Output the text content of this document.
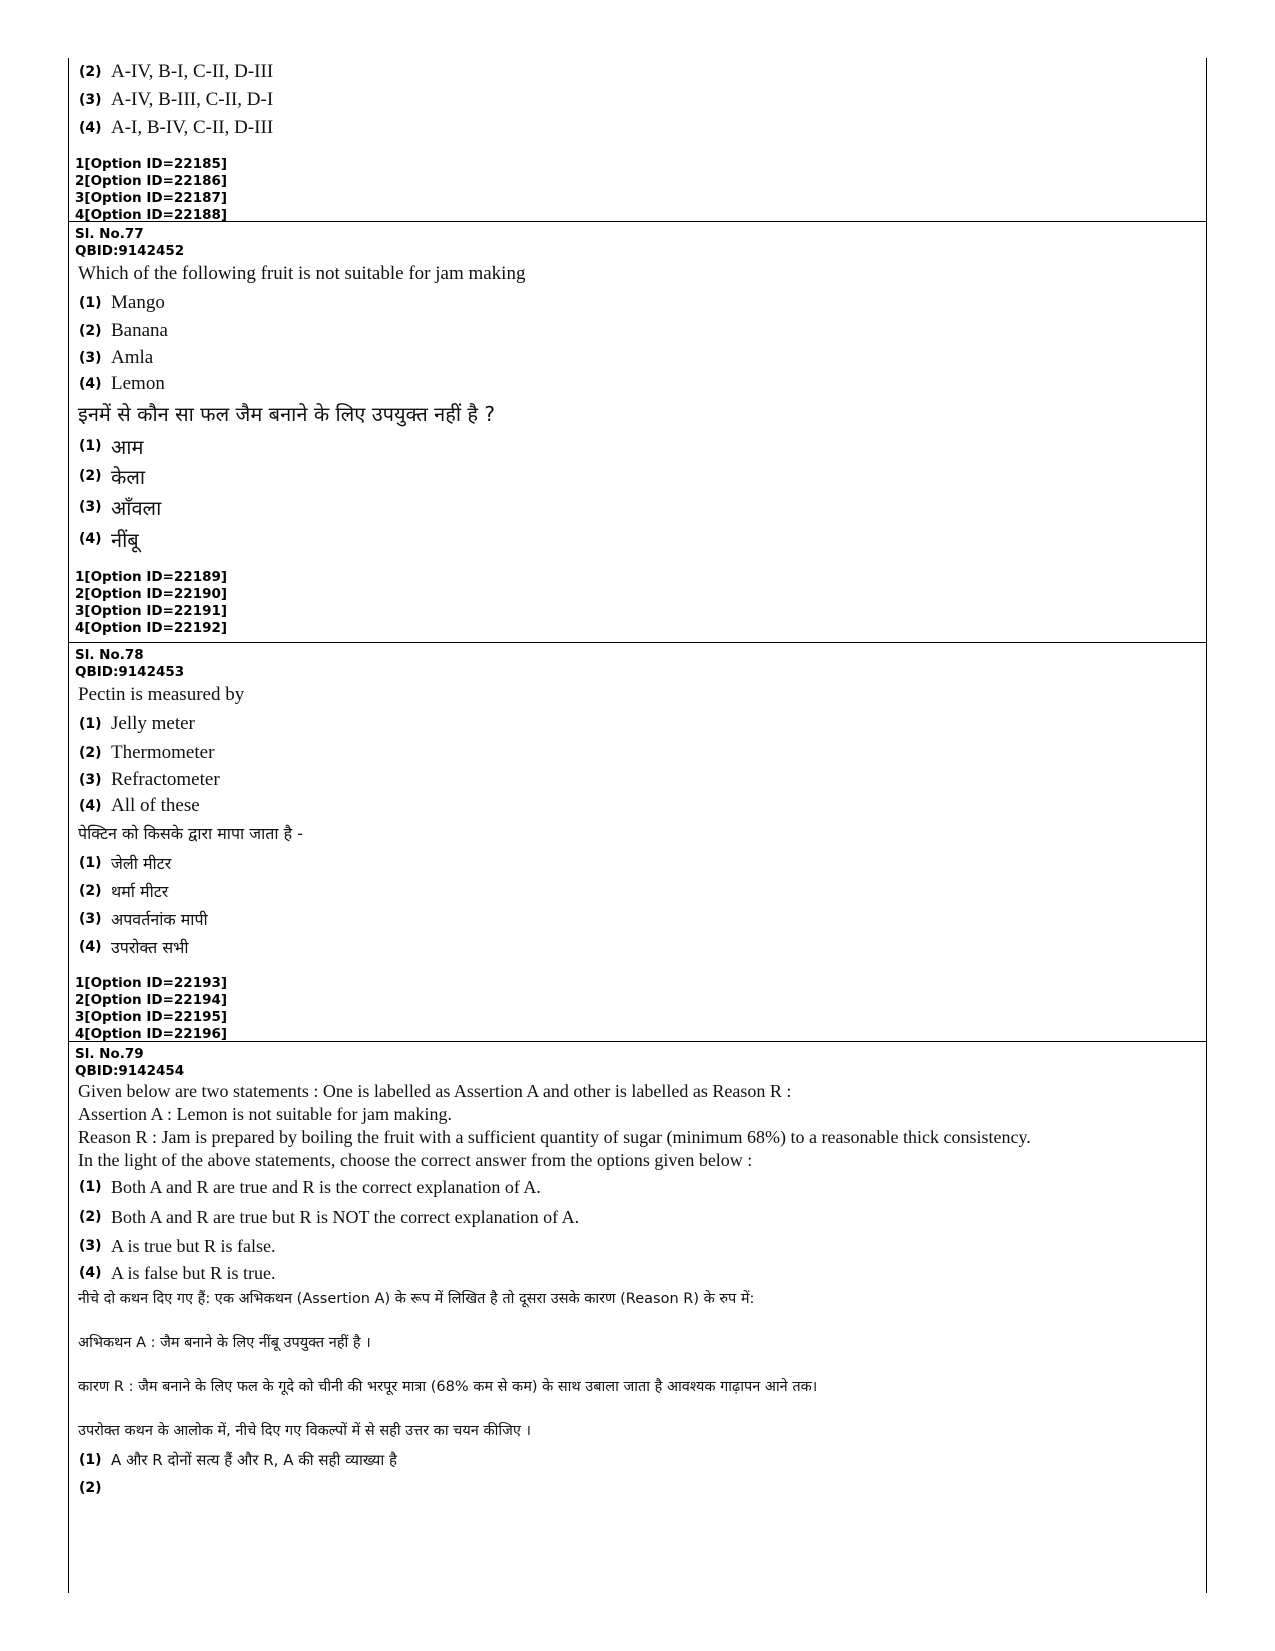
(2) A-IV, B-I, C-II, D-III
(3) A-IV, B-III, C-II, D-I
(4) A-I, B-IV, C-II, D-III
1[Option ID=22185]
2[Option ID=22186]
3[Option ID=22187]
4[Option ID=22188]
Sl. No.77
QBID:9142452
Which of the following fruit is not suitable for jam making
(1) Mango
(2) Banana
(3) Amla
(4) Lemon
इनमें से कौन सा फल जैम बनाने के लिए उपयुक्त नहीं है ?
(1) आम
(2) केला
(3) आँवला
(4) नींबू
1[Option ID=22189]
2[Option ID=22190]
3[Option ID=22191]
4[Option ID=22192]
Sl. No.78
QBID:9142453
Pectin is measured by
(1) Jelly meter
(2) Thermometer
(3) Refractometer
(4) All of these
पेक्टिन को किसके द्वारा मापा जाता है -
(1) जेली मीटर
(2) थर्मा मीटर
(3) अपवर्तनांक मापी
(4) उपरोक्त सभी
1[Option ID=22193]
2[Option ID=22194]
3[Option ID=22195]
4[Option ID=22196]
Sl. No.79
QBID:9142454
Given below are two statements : One is labelled as Assertion A and other is labelled as Reason R :
Assertion A : Lemon is not suitable for jam making.
Reason R : Jam is prepared by boiling the fruit with a sufficient quantity of sugar (minimum 68%) to a reasonable thick consistency.
In the light of the above statements, choose the correct answer from the options given below :
(1) Both A and R are true and R is the correct explanation of A.
(2) Both A and R are true but R is NOT the correct explanation of A.
(3) A is true but R is false.
(4) A is false but R is true.
नीचे दो कथन दिए गए हैं: एक अभिकथन (Assertion A) के रूप में लिखित है तो दूसरा उसके कारण (Reason R) के रुप में:
अभिकथन A : जैम बनाने के लिए नींबू उपयुक्त नहीं है ।
कारण R : जैम बनाने के लिए फल के गूदे को चीनी की भरपूर मात्रा (68% कम से कम) के साथ उबाला जाता है आवश्यक गाढ़ापन आने तक।
उपरोक्त कथन के आलोक में, नीचे दिए गए विकल्पों में से सही उत्तर का चयन कीजिए ।
(1) A और R दोनों सत्य हैं और R, A की सही व्याख्या है
(2)
